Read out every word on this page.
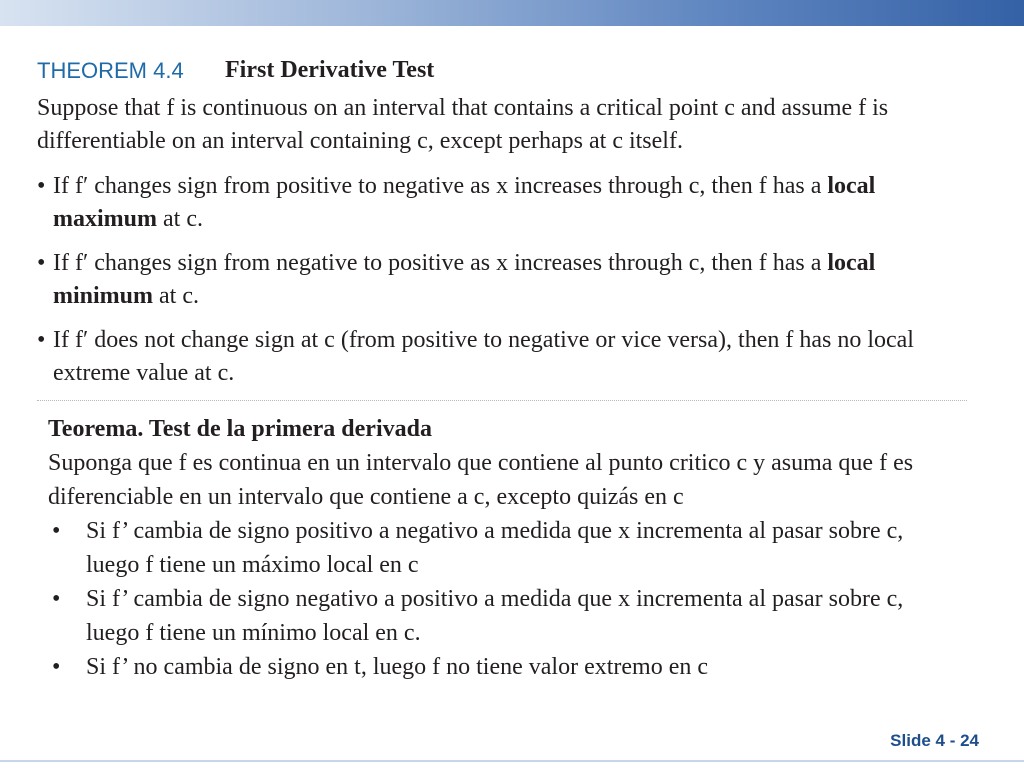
THEOREM 4.4 First Derivative Test

Suppose that f is continuous on an interval that contains a critical point c and assume f is differentiable on an interval containing c, except perhaps at c itself.

• If f′ changes sign from positive to negative as x increases through c, then f has a local maximum at c.
• If f′ changes sign from negative to positive as x increases through c, then f has a local minimum at c.
• If f′ does not change sign at c (from positive to negative or vice versa), then f has no local extreme value at c.

Teorema. Test de la primera derivada

Suponga que f es continua en un intervalo que contiene al punto critico c y asuma que f es diferenciable en un intervalo que contiene a c, excepto quizás en c

• Si f’ cambia de signo positivo a negativo a medida que x incrementa al pasar sobre c, luego f tiene un máximo local en c
• Si f’ cambia de signo negativo a positivo a medida que x incrementa al pasar sobre c, luego f tiene un mínimo local en c.
• Si f’ no cambia de signo en t, luego f no tiene valor extremo en c
Slide 4 - 24
